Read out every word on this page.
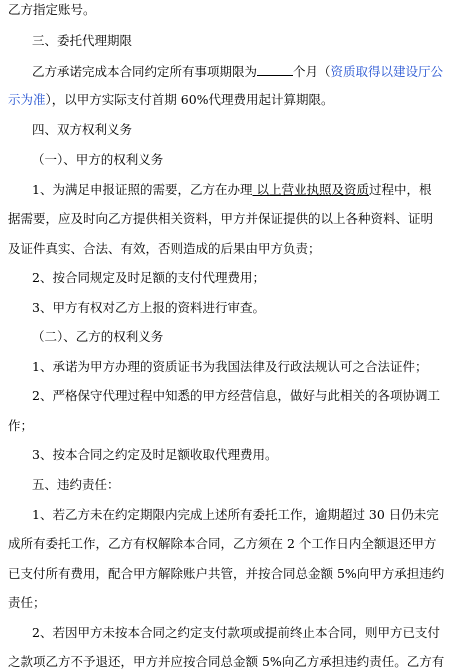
乙方指定账号。
三、委托代理期限
乙方承诺完成本合同约定所有事项期限为	个月（资质取得以建设厅公
示为准），以甲方实际支付首期 60%代理费用起计算期限。
四、双方权利义务
（一）、甲方的权利义务
1、为满足申报证照的需要，乙方在办理 以上营业执照及资质过程中，根
据需要，应及时向乙方提供相关资料，甲方并保证提供的以上各种资料、证明
及证件真实、合法、有效，否则造成的后果由甲方负责；
2、按合同规定及时足额的支付代理费用；
3、甲方有权对乙方上报的资料进行审查。
（二）、乙方的权利义务
1、承诺为甲方办理的资质证书为我国法律及行政法规认可之合法证件；
2、严格保守代理过程中知悉的甲方经营信息，做好与此相关的各项协调工
作；
3、按本合同之约定及时足额收取代理费用。
五、违约责任：
1、若乙方未在约定期限内完成上述所有委托工作，逾期超过 30 日仍未完
成所有委托工作，乙方有权解除本合同，乙方须在 2 个工作日内全额退还甲方
已支付所有费用，配合甲方解除账户共管，并按合同总金额 5%向甲方承担违约
责任；
2、若因甲方未按本合同之约定支付款项或提前终止本合同，则甲方已支付
之款项乙方不予退还，甲方并应按合同总金额 5%向乙方承担违约责任。乙方有
